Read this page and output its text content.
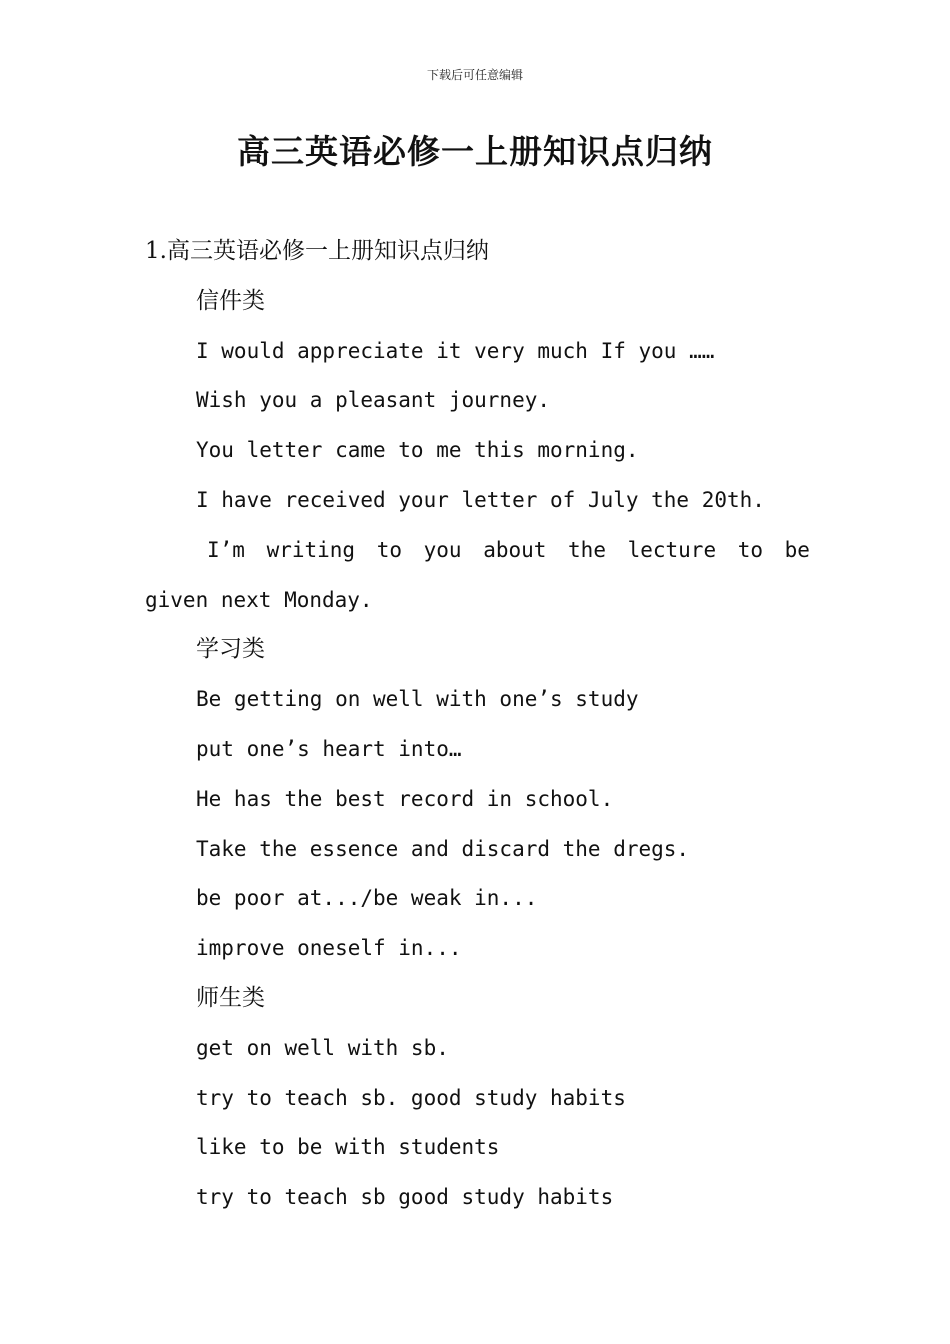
下载后可任意编辑
高三英语必修一上册知识点归纳
1.高三英语必修一上册知识点归纳
信件类
I would appreciate it very much If you ……
Wish you a pleasant journey.
You letter came to me this morning.
I have received your letter of July the 20th.
I’m writing to you about the lecture to be
given next Monday.
学习类
Be getting on well with one’s study
put one’s heart into…
He has the best record in school.
Take the essence and discard the dregs.
be poor at.../be weak in...
improve oneself in...
师生类
get on well with sb.
try to teach sb. good study habits
like to be with students
try to teach sb good study habits
